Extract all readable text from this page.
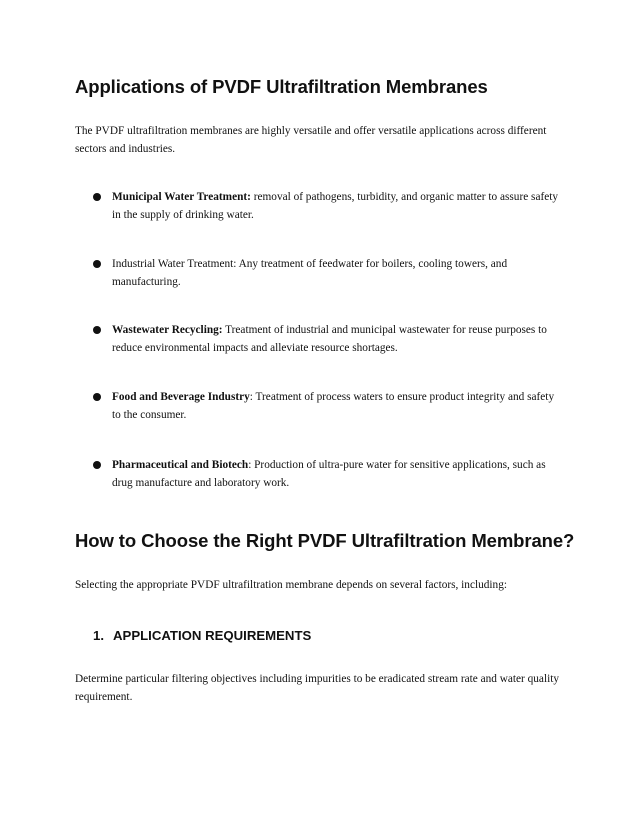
Applications of PVDF Ultrafiltration Membranes

The PVDF ultrafiltration membranes are highly versatile and offer versatile applications across different sectors and industries.

Municipal Water Treatment: removal of pathogens, turbidity, and organic matter to assure safety in the supply of drinking water.
Industrial Water Treatment: Any treatment of feedwater for boilers, cooling towers, and manufacturing.
Wastewater Recycling: Treatment of industrial and municipal wastewater for reuse purposes to reduce environmental impacts and alleviate resource shortages.
Food and Beverage Industry: Treatment of process waters to ensure product integrity and safety to the consumer.
Pharmaceutical and Biotech: Production of ultra-pure water for sensitive applications, such as drug manufacture and laboratory work.
How to Choose the Right PVDF Ultrafiltration Membrane?

Selecting the appropriate PVDF ultrafiltration membrane depends on several factors, including:

1. APPLICATION REQUIREMENTS

Determine particular filtering objectives including impurities to be eradicated stream rate and water quality requirement.
